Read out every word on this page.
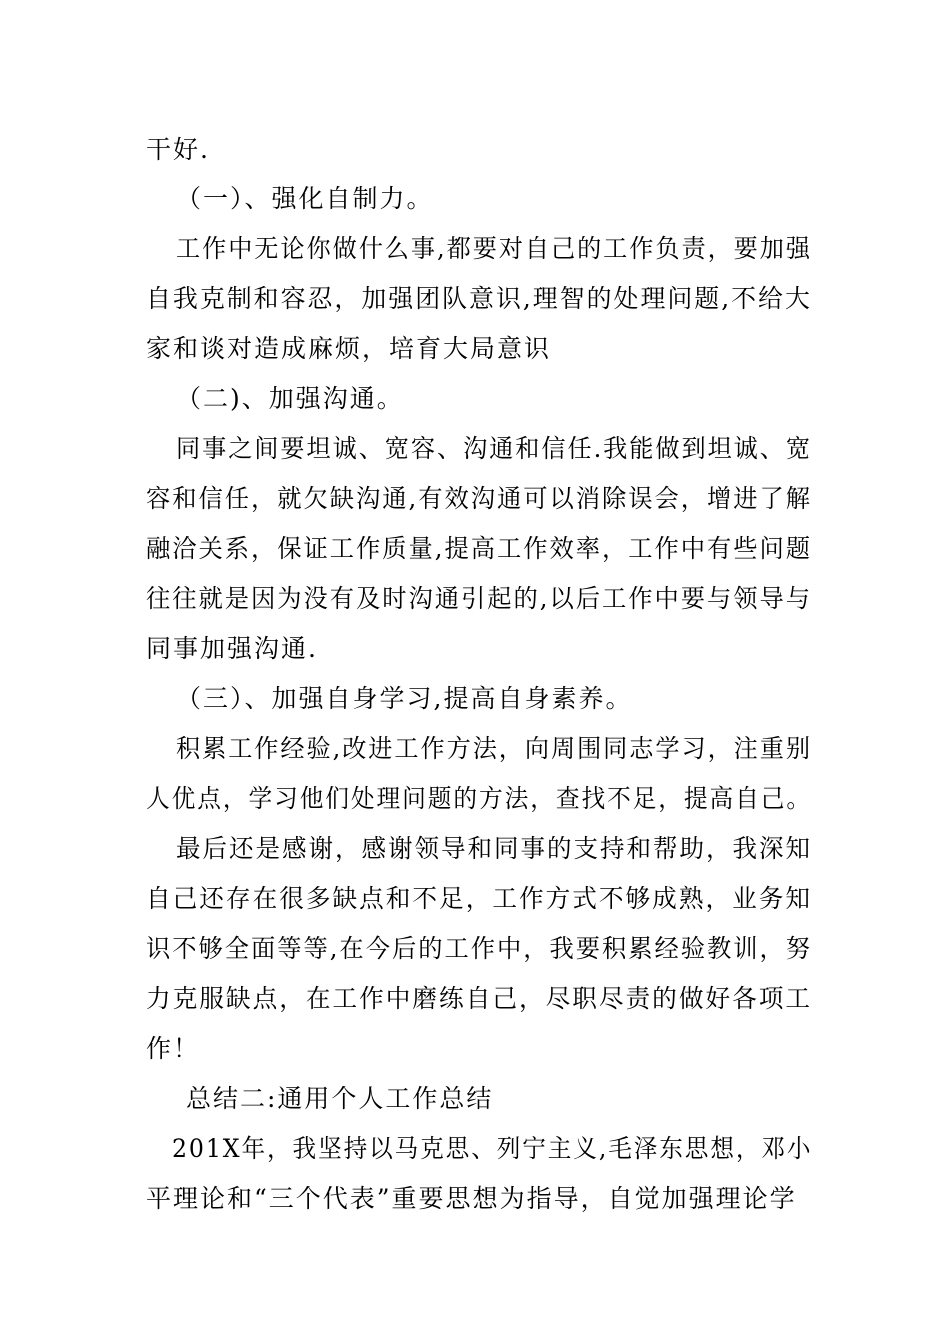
干好.
（一）、强化自制力。
工作中无论你做什么事,都要对自己的工作负责，要加强
自我克制和容忍，加强团队意识,理智的处理问题,不给大
家和谈对造成麻烦，培育大局意识
（二)、加强沟通。
同事之间要坦诚、宽容、沟通和信任.我能做到坦诚、宽
容和信任，就欠缺沟通,有效沟通可以消除误会，增进了解
融洽关系，保证工作质量,提高工作效率，工作中有些问题
往往就是因为没有及时沟通引起的,以后工作中要与领导与
同事加强沟通.
（三）、加强自身学习,提高自身素养。
积累工作经验,改进工作方法，向周围同志学习，注重别
人优点，学习他们处理问题的方法，查找不足，提高自己。
最后还是感谢，感谢领导和同事的支持和帮助，我深知
自己还存在很多缺点和不足，工作方式不够成熟，业务知
识不够全面等等,在今后的工作中，我要积累经验教训，努
力克服缺点，在工作中磨练自己，尽职尽责的做好各项工
作！
总结二:通用个人工作总结
201X年，我坚持以马克思、列宁主义,毛泽东思想，邓小
平理论和“三个代表”重要思想为指导，自觉加强理论学
